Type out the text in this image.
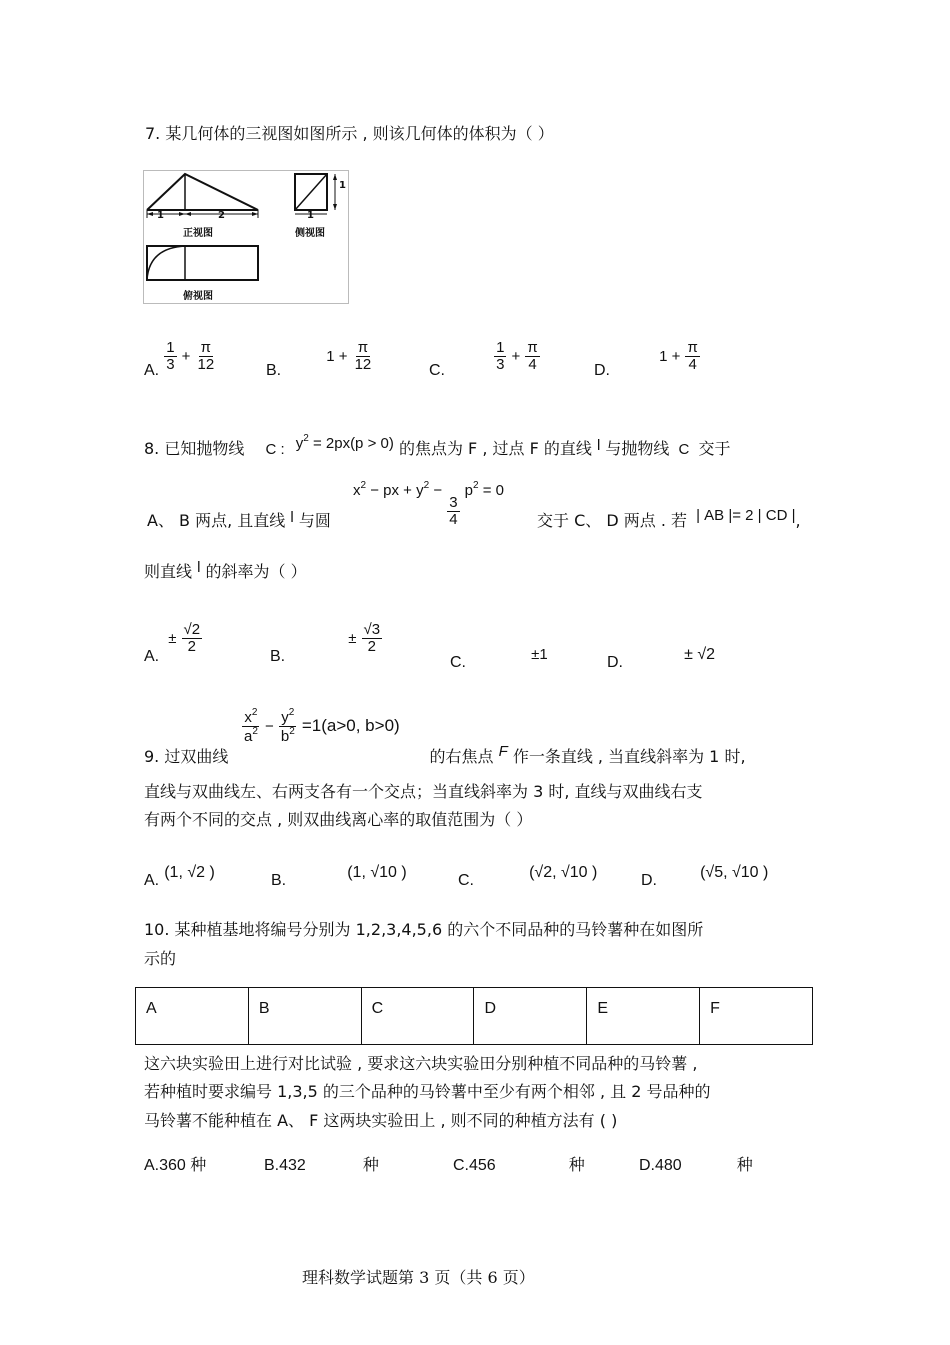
7. 某几何体的三视图如图所示 , 则该几何体的体积为（ ）
1	2	1
1
正视图	侧视图
俯视图
A. $\frac{1}{3} + \frac{\pi}{12}$	B. $1 + \frac{\pi}{12}$	C.	$\frac{1}{3} + \frac{\pi}{4}$	D. $1 + \frac{\pi}{4}$
8. 已知抛物线 C : $y^2 = 2px(p > 0)$ 的焦点为 F , 过点 F 的直线 l 与抛物线 C 交于
A、 B 两点, 且直线 l 与圆
$x^2$ − px + $y^2$ −
$\frac{3}{4}$
$p^2 = 0$
交于 C、 D 两点 . 若 | AB |= 2 | CD |,
则直线 l 的斜率为（ ）
A. ± $\frac{√2}{2}$
B. ± $\frac{√3}{2}$
C.	±1	D.	± √2
$\frac{x^2}{a^2} - \frac{y^2}{b^2} =1(a>0$, b>0)
9. 过双曲线	的右焦点 F 作一条直线 , 当直线斜率为 1 时,
直线与双曲线左、右两支各有一个交点；当直线斜率为 3 时, 直线与双曲线右支
有两个不同的交点 , 则双曲线离心率的取值范围为（ ）
A. (1, √2 )	B.	(1, √10 )	C.	(√2, √10 )	D.	(√5, √10 )
10. 某种植基地将编号分别为 1,2,3,4,5,6 的六个不同品种的马铃薯种在如图所
示的
A	B	C	D	E	F
这六块实验田上进行对比试验 , 要求这六块实验田分别种植不同品种的马铃薯 ,
若种植时要求编号 1,3,5 的三个品种的马铃薯中至少有两个相邻 , 且 2 号品种的
马铃薯不能种植在 A、 F 这两块实验田上 , 则不同的种植方法有 ( )
A.360 种	B.432	种	C.456	种	D.480	种
理科数学试题第 3 页（共 6 页）
